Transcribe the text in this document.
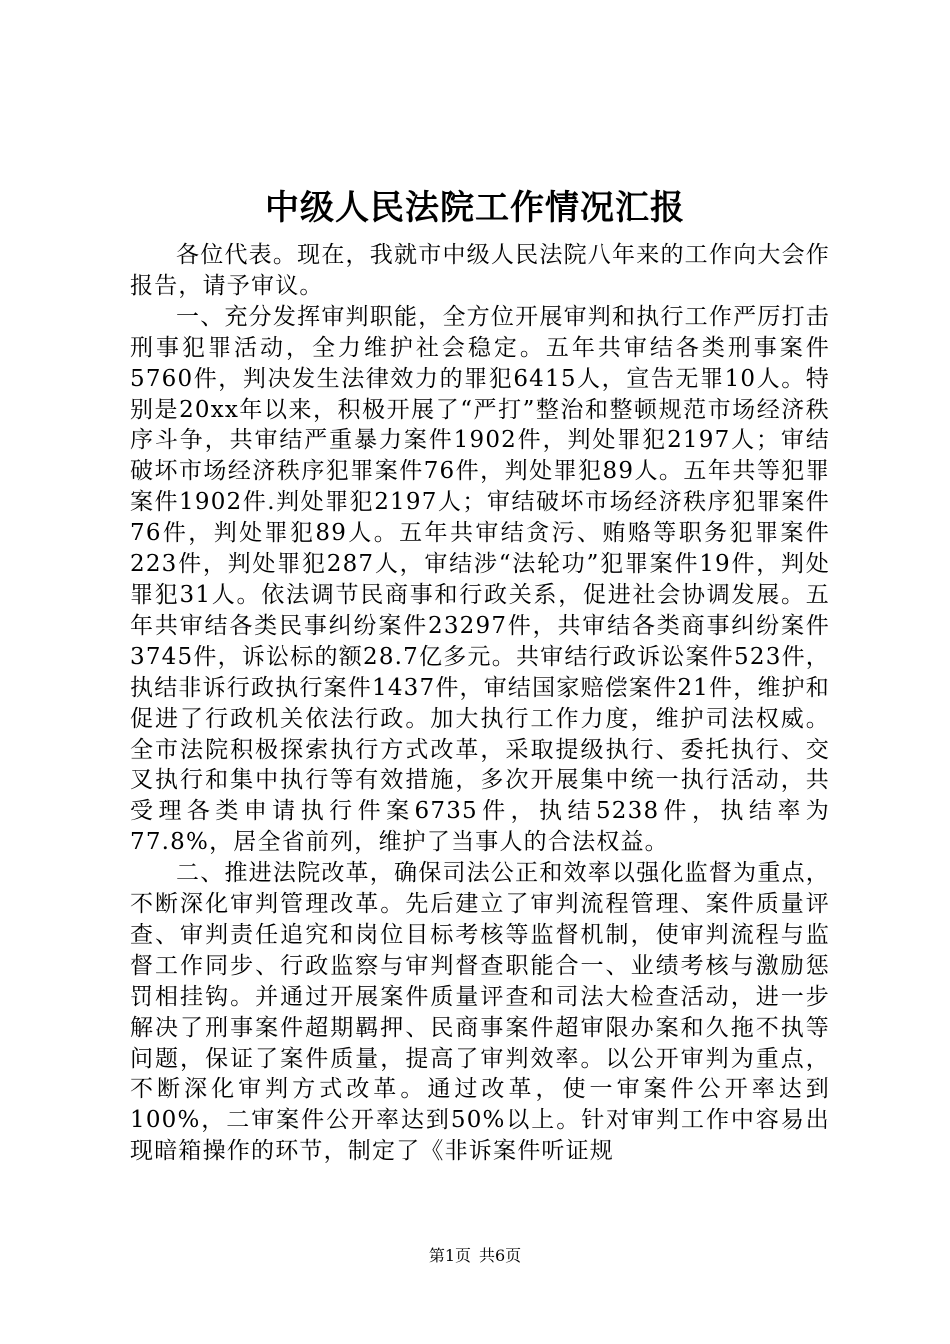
中级人民法院工作情况汇报

各位代表。现在，我就市中级人民法院八年来的工作向大会作报告，请予审议。

一、充分发挥审判职能，全方位开展审判和执行工作严厉打击刑事犯罪活动，全力维护社会稳定。五年共审结各类刑事案件5760件，判决发生法律效力的罪犯6415人，宣告无罪10人。特别是20xx年以来，积极开展了“严打”整治和整顿规范市场经济秩序斗争，共审结严重暴力案件1902件，判处罪犯2197人；审结破坏市场经济秩序犯罪案件76件，判处罪犯89人。五年共等犯罪案件1902件.判处罪犯2197人；审结破坏市场经济秩序犯罪案件76件，判处罪犯89人。五年共审结贪污、贿赂等职务犯罪案件223件，判处罪犯287人，审结涉“法轮功”犯罪案件19件，判处罪犯31人。依法调节民商事和行政关系，促进社会协调发展。五年共审结各类民事纠纷案件23297件，共审结各类商事纠纷案件3745件，诉讼标的额28.7亿多元。共审结行政诉讼案件523件，执结非诉行政执行案件1437件，审结国家赔偿案件21件，维护和促进了行政机关依法行政。加大执行工作力度，维护司法权威。全市法院积极探索执行方式改革，采取提级执行、委托执行、交叉执行和集中执行等有效措施，多次开展集中统一执行活动，共受理各类申请执行件案6735件，执结5238件，执结率为77.8%，居全省前列，维护了当事人的合法权益。

二、推进法院改革，确保司法公正和效率以强化监督为重点，不断深化审判管理改革。先后建立了审判流程管理、案件质量评查、审判责任追究和岗位目标考核等监督机制，使审判流程与监督工作同步、行政监察与审判督查职能合一、业绩考核与激励惩罚相挂钩。并通过开展案件质量评查和司法大检查活动，进一步解决了刑事案件超期羁押、民商事案件超审限办案和久拖不执等问题，保证了案件质量，提高了审判效率。以公开审判为重点，不断深化审判方式改革。通过改革，使一审案件公开率达到100%，二审案件公开率达到50%以上。针对审判工作中容易出现暗箱操作的环节，制定了《非诉案件听证规

第1页 共6页
